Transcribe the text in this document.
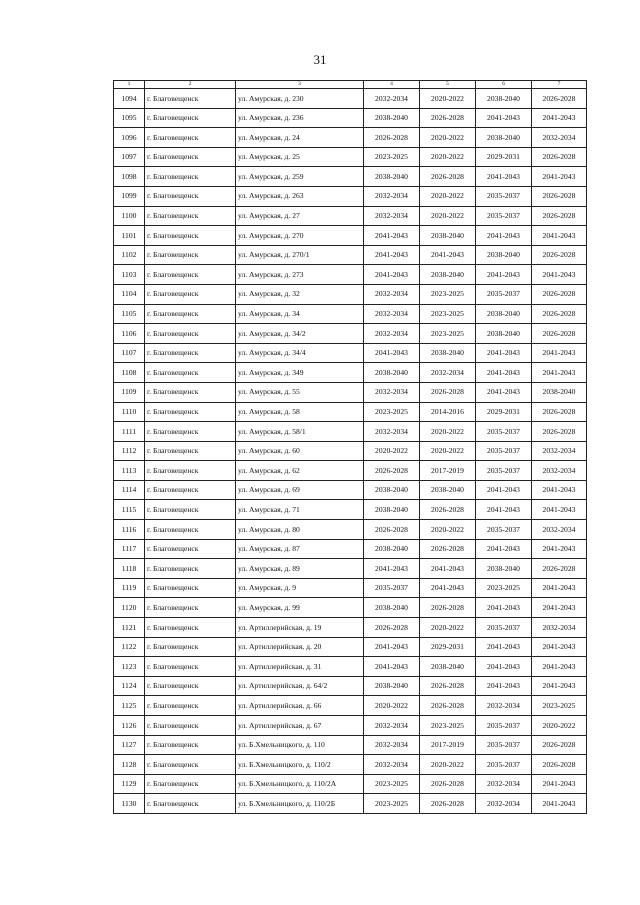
31
1	2	3	4	5	6	7
1094	г. Благовещенск	ул. Амурская, д. 230	2032-2034	2020-2022	2038-2040	2026-2028
1095	г. Благовещенск	ул. Амурская, д. 236	2038-2040	2026-2028	2041-2043	2041-2043
1096	г. Благовещенск	ул. Амурская, д. 24	2026-2028	2020-2022	2038-2040	2032-2034
1097	г. Благовещенск	ул. Амурская, д. 25	2023-2025	2020-2022	2029-2031	2026-2028
1098	г. Благовещенск	ул. Амурская, д. 259	2038-2040	2026-2028	2041-2043	2041-2043
1099	г. Благовещенск	ул. Амурская, д. 263	2032-2034	2020-2022	2035-2037	2026-2028
1100	г. Благовещенск	ул. Амурская, д. 27	2032-2034	2020-2022	2035-2037	2026-2028
1101	г. Благовещенск	ул. Амурская, д. 270	2041-2043	2038-2040	2041-2043	2041-2043
1102	г. Благовещенск	ул. Амурская, д. 270/1	2041-2043	2041-2043	2038-2040	2026-2028
1103	г. Благовещенск	ул. Амурская, д. 273	2041-2043	2038-2040	2041-2043	2041-2043
1104	г. Благовещенск	ул. Амурская, д. 32	2032-2034	2023-2025	2035-2037	2026-2028
1105	г. Благовещенск	ул. Амурская, д. 34	2032-2034	2023-2025	2038-2040	2026-2028
1106	г. Благовещенск	ул. Амурская, д. 34/2	2032-2034	2023-2025	2038-2040	2026-2028
1107	г. Благовещенск	ул. Амурская, д. 34/4	2041-2043	2038-2040	2041-2043	2041-2043
1108	г. Благовещенск	ул. Амурская, д. 349	2038-2040	2032-2034	2041-2043	2041-2043
1109	г. Благовещенск	ул. Амурская, д. 55	2032-2034	2026-2028	2041-2043	2038-2040
1110	г. Благовещенск	ул. Амурская, д. 58	2023-2025	2014-2016	2029-2031	2026-2028
1111	г. Благовещенск	ул. Амурская, д. 58/1	2032-2034	2020-2022	2035-2037	2026-2028
1112	г. Благовещенск	ул. Амурская, д. 60	2020-2022	2020-2022	2035-2037	2032-2034
1113	г. Благовещенск	ул. Амурская, д. 62	2026-2028	2017-2019	2035-2037	2032-2034
1114	г. Благовещенск	ул. Амурская, д. 69	2038-2040	2038-2040	2041-2043	2041-2043
1115	г. Благовещенск	ул. Амурская, д. 71	2038-2040	2026-2028	2041-2043	2041-2043
1116	г. Благовещенск	ул. Амурская, д. 80	2026-2028	2020-2022	2035-2037	2032-2034
1117	г. Благовещенск	ул. Амурская, д. 87	2038-2040	2026-2028	2041-2043	2041-2043
1118	г. Благовещенск	ул. Амурская, д. 89	2041-2043	2041-2043	2038-2040	2026-2028
1119	г. Благовещенск	ул. Амурская, д. 9	2035-2037	2041-2043	2023-2025	2041-2043
1120	г. Благовещенск	ул. Амурская, д. 99	2038-2040	2026-2028	2041-2043	2041-2043
1121	г. Благовещенск	ул. Артиллерийская, д. 19	2026-2028	2020-2022	2035-2037	2032-2034
1122	г. Благовещенск	ул. Артиллерийская, д. 20	2041-2043	2029-2031	2041-2043	2041-2043
1123	г. Благовещенск	ул. Артиллерийская, д. 31	2041-2043	2038-2040	2041-2043	2041-2043
1124	г. Благовещенск	ул. Артиллерийская, д. 64/2	2038-2040	2026-2028	2041-2043	2041-2043
1125	г. Благовещенск	ул. Артиллерийская, д. 66	2020-2022	2026-2028	2032-2034	2023-2025
1126	г. Благовещенск	ул. Артиллерийская, д. 67	2032-2034	2023-2025	2035-2037	2020-2022
1127	г. Благовещенск	ул. Б.Хмельницкого, д. 110	2032-2034	2017-2019	2035-2037	2026-2028
1128	г. Благовещенск	ул. Б.Хмельницкого, д. 110/2	2032-2034	2020-2022	2035-2037	2026-2028
1129	г. Благовещенск	ул. Б.Хмельницкого, д. 110/2А	2023-2025	2026-2028	2032-2034	2041-2043
1130	г. Благовещенск	ул. Б.Хмельницкого, д. 110/2Б	2023-2025	2026-2028	2032-2034	2041-2043
